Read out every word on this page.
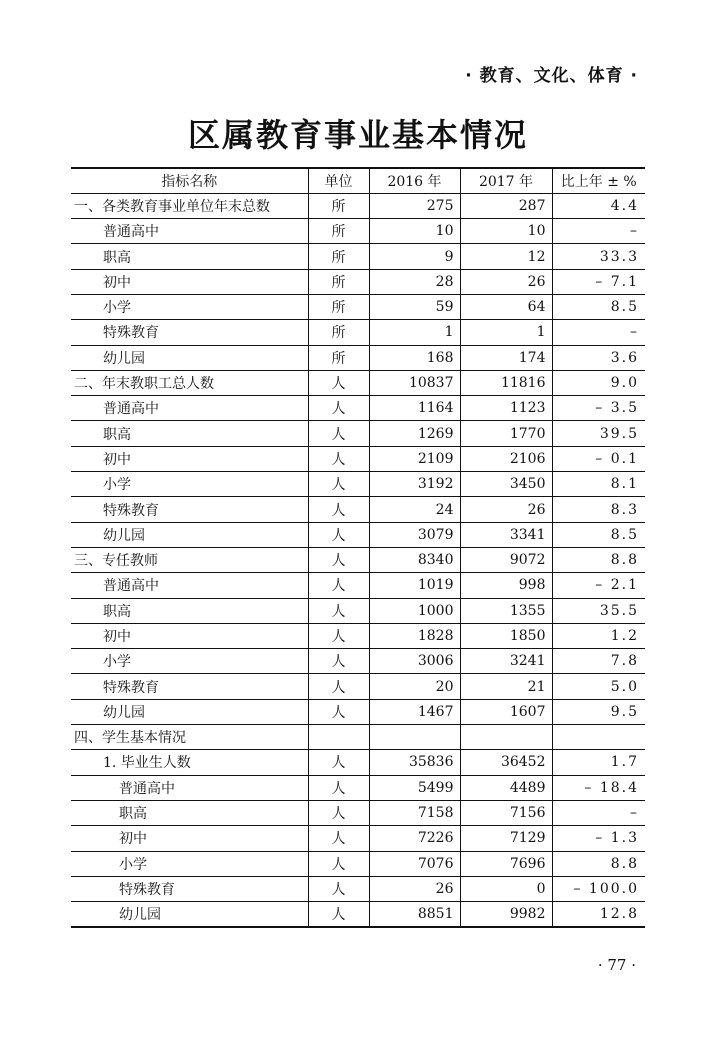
· 教育、文化、体育 ·
区属教育事业基本情况
指标名称	单位	2016 年	2017 年	比上年 ± %
一、各类教育事业单位年末总数	所	275	287	4.4
普通高中	所	10	10	–
职高	所	9	12	33.3
初中	所	28	26	– 7.1
小学	所	59	64	8.5
特殊教育	所	1	1	–
幼儿园	所	168	174	3.6
二、年末教职工总人数	人	10837	11816	9.0
普通高中	人	1164	1123	– 3.5
职高	人	1269	1770	39.5
初中	人	2109	2106	– 0.1
小学	人	3192	3450	8.1
特殊教育	人	24	26	8.3
幼儿园	人	3079	3341	8.5
三、专任教师	人	8340	9072	8.8
普通高中	人	1019	998	– 2.1
职高	人	1000	1355	35.5
初中	人	1828	1850	1.2
小学	人	3006	3241	7.8
特殊教育	人	20	21	5.0
幼儿园	人	1467	1607	9.5
四、学生基本情况				
1. 毕业生人数	人	35836	36452	1.7
普通高中	人	5499	4489	– 18.4
职高	人	7158	7156	–
初中	人	7226	7129	– 1.3
小学	人	7076	7696	8.8
特殊教育	人	26	0	– 100.0
幼儿园	人	8851	9982	12.8
· 77 ·
